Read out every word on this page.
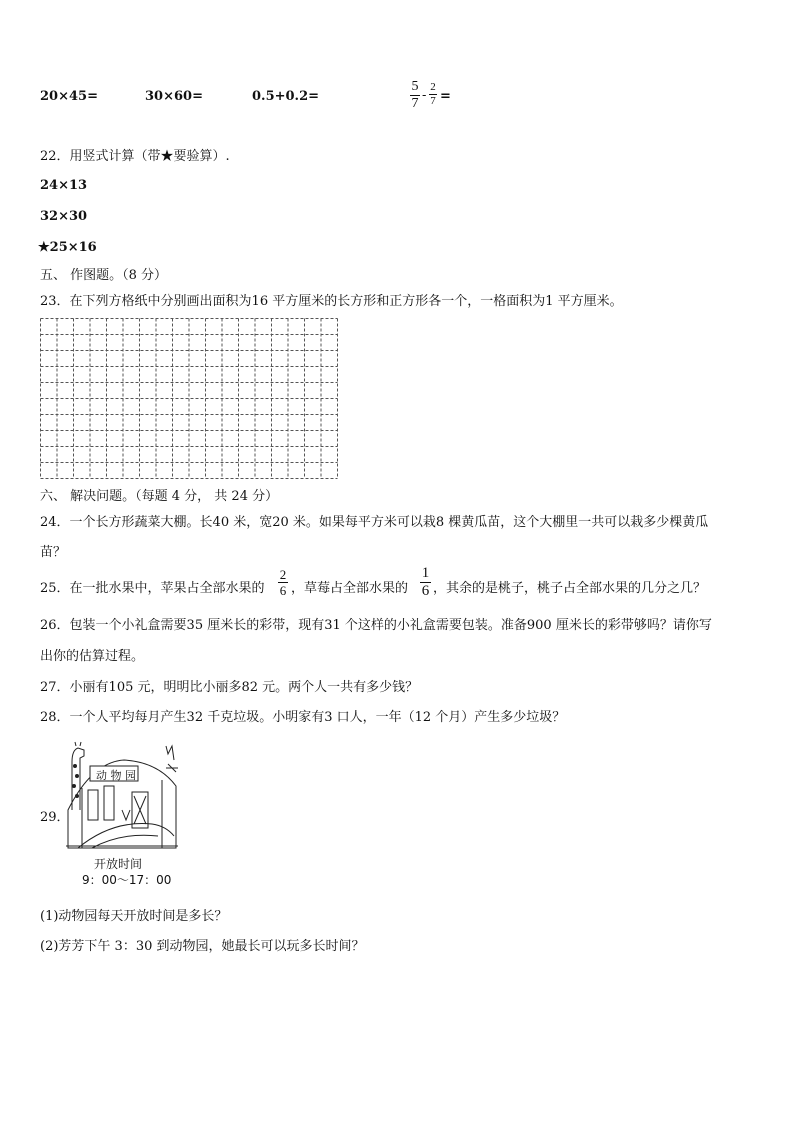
20×45=	30×60=	0.5+0.2=
5
7
-
2
7 =
22．用竖式计算（带★要验算）.
24×13
32×30
★25×16
五、 作图题。（8 分）
23．在下列方格纸中分别画出面积为16 平方厘米的长方形和正方形各一个，一格面积为1 平方厘米。
六、 解决问题。（每题 4 分， 共 24 分）
24．一个长方形蔬菜大棚。长40 米，宽20 米。如果每平方米可以栽8 棵黄瓜苗，这个大棚里一共可以栽多少棵黄瓜
苗？
25．在一批水果中，苹果占全部水果的
2
6 ，草莓占全部水果的
1
6 ，其余的是桃子，桃子占全部水果的几分之几？
26．包装一个小礼盒需要35 厘米长的彩带，现有31 个这样的小礼盒需要包装。准备900 厘米长的彩带够吗？请你写
出你的估算过程。
27．小丽有105 元，明明比小丽多82 元。两个人一共有多少钱？
28．一个人平均每月产生32 千克垃圾。小明家有3 口人，一年（12 个月）产生多少垃圾？
29．
动 物 园
开放时间
9：00～17：00
(1)动物园每天开放时间是多长？
(2)芳芳下午 3：30 到动物园，她最长可以玩多长时间？
